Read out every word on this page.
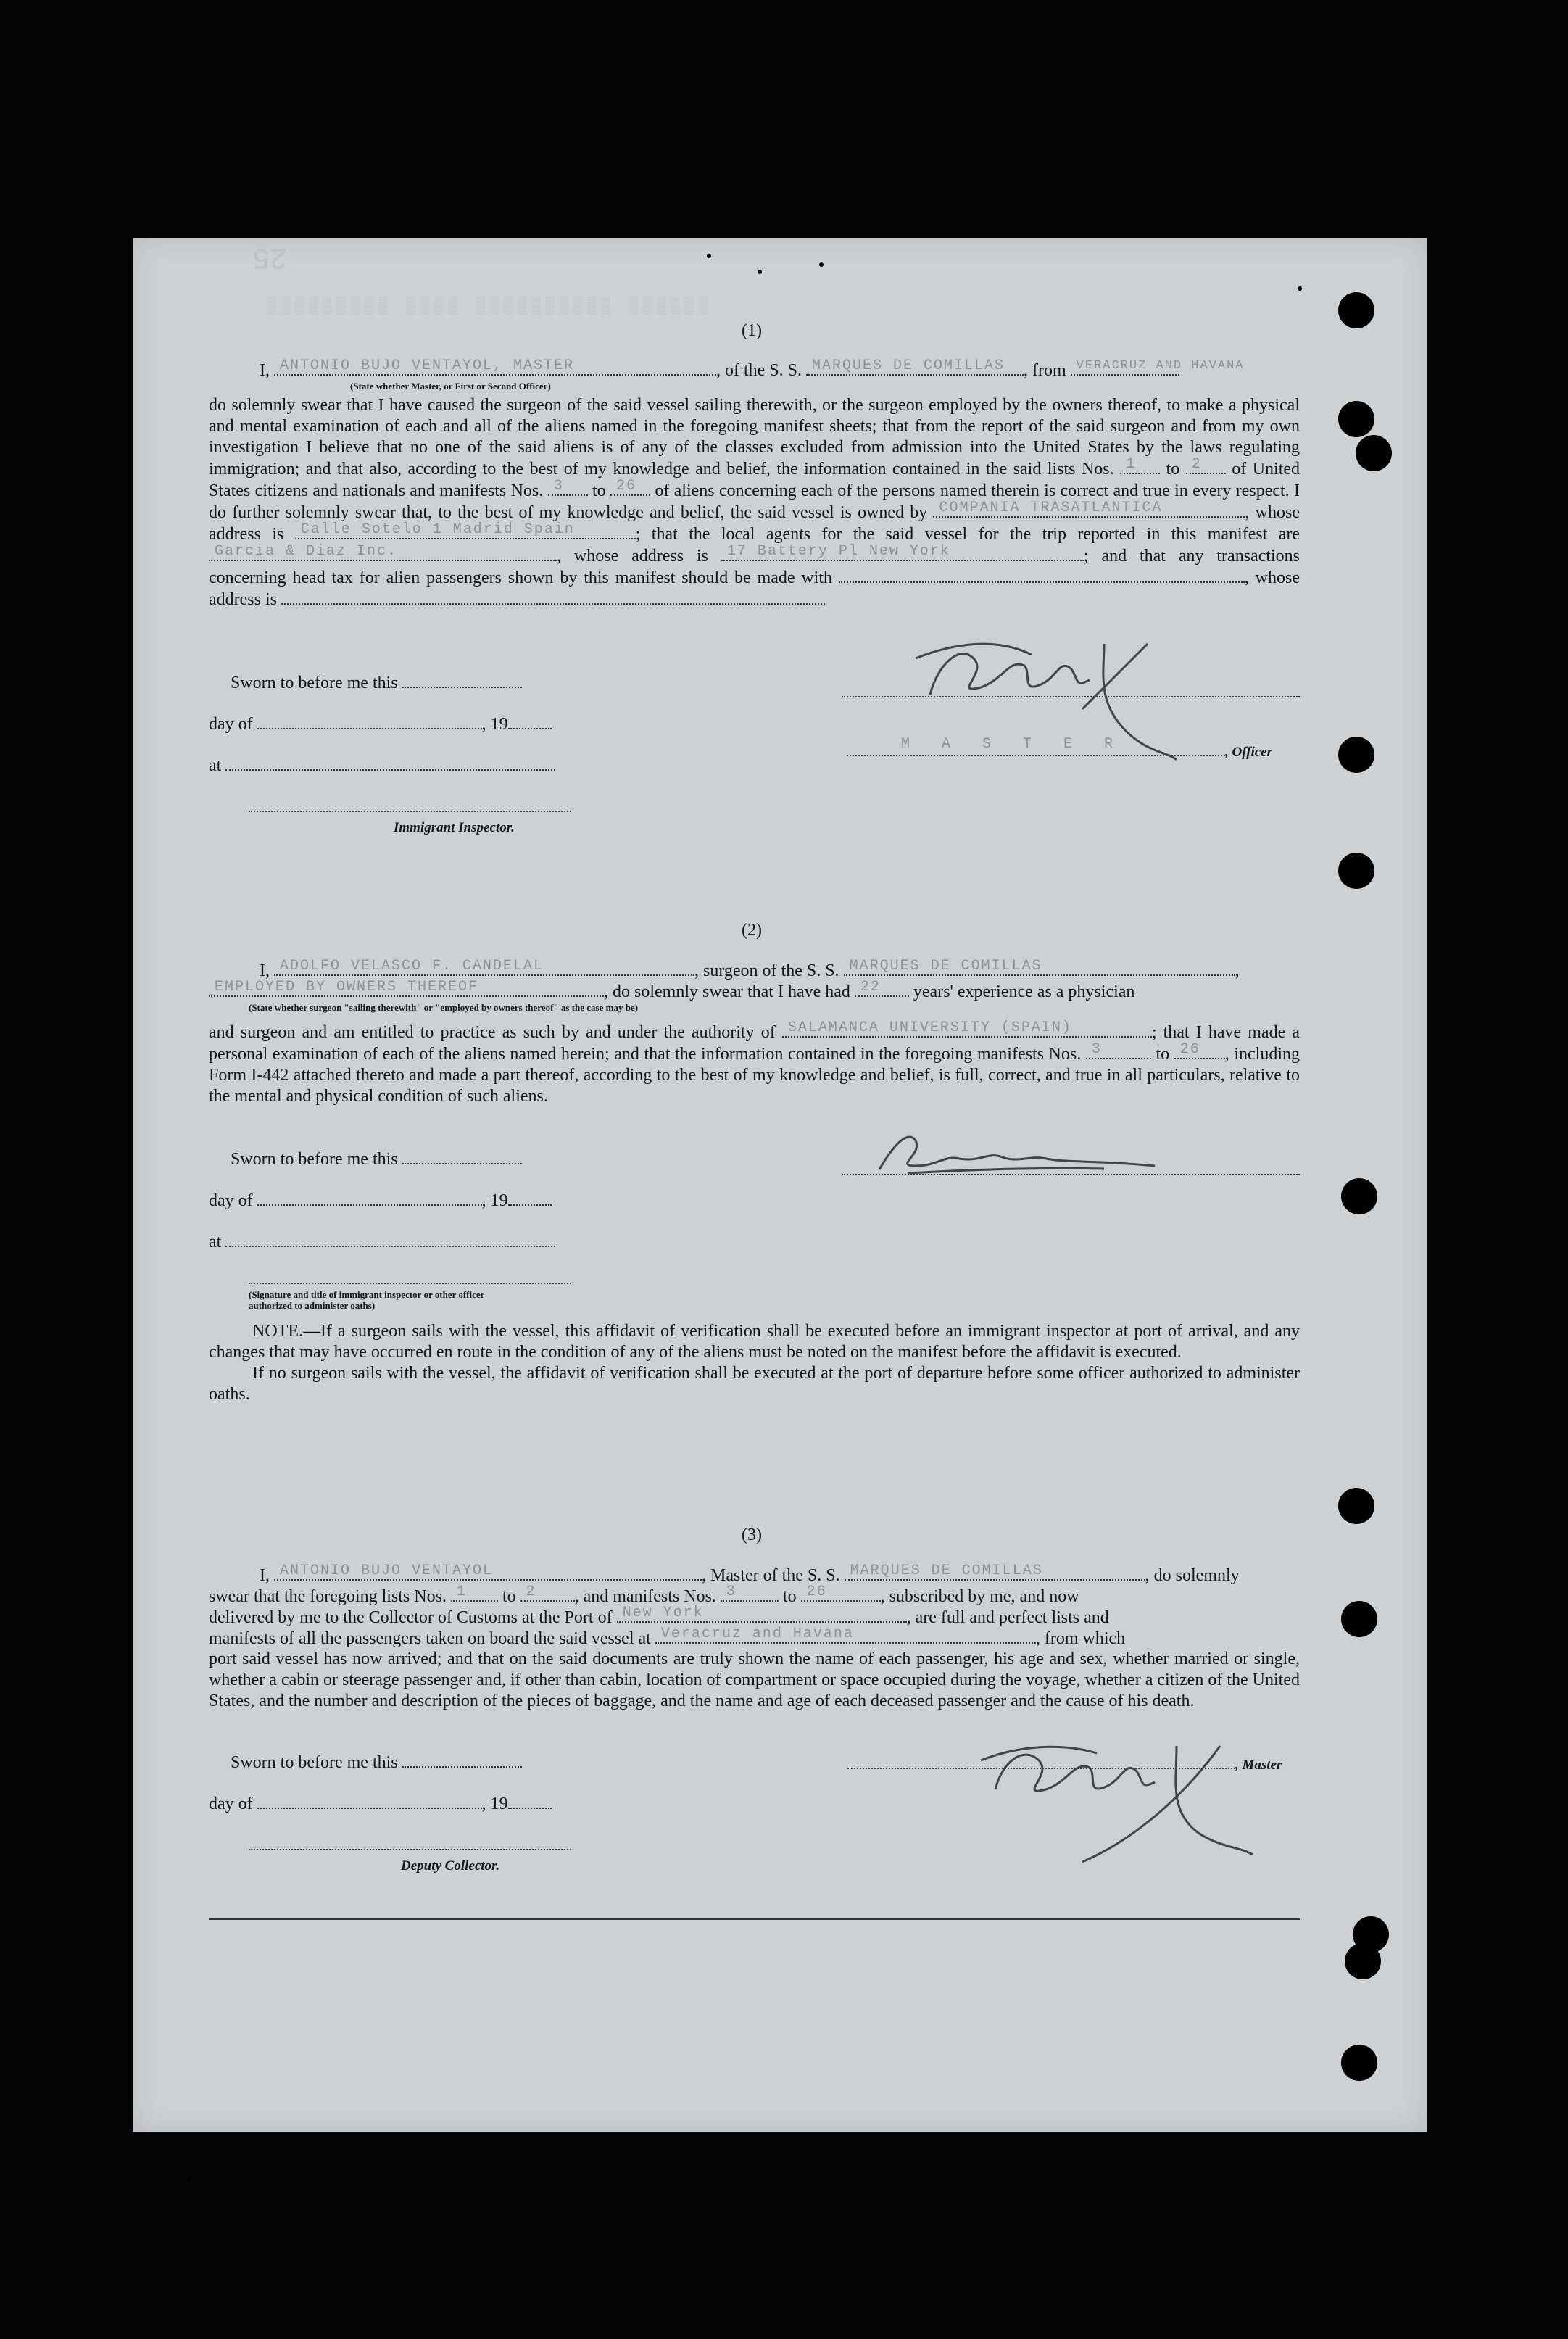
25
(1)
I, ANTONIO BUJO VENTAYOL, MASTER	, of the S. S. MARQUES DE COMILLAS , from VERACRUZ AND HAVANA
(State whether Master, or First or Second Officer)
do solemnly swear that I have caused the surgeon of the said vessel sailing therewith, or the surgeon employed by the owners thereof, to make a physical and mental examination of each and all of the aliens named in the foregoing manifest sheets; that from the report of the said surgeon and from my own investigation I believe that no one of the said aliens is of any of the classes excluded from admission into the United States by the laws regulating immigration; and that also, according to the best of my knowledge and belief, the information contained in the said lists Nos. 1 to 2 of United States citizens and nationals and manifests Nos. 3 to 26 of aliens concerning each of the persons named therein is correct and true in every respect. I do further solemnly swear that, to the best of my knowledge and belief, the said vessel is owned by COMPANIA TRASATLANTICA	, whose address is Calle Sotelo 1 Madrid Spain	; that the local agents for the said vessel for the trip reported in this manifest are
Garcia & Diaz Inc.	, whose address is 17 Battery Pl New York	; and that any transactions concerning head tax for alien passengers shown by this manifest should be made with	, whose address is
Sworn to before me this
day of	, 19
at
Immigrant Inspector.
M A S T E R	, Officer
(2)
I, ADOLFO VELASCO F. CANDELAL	, surgeon of the S. S. MARQUES DE COMILLAS	,
EMPLOYED BY OWNERS THEREOF	, do solemnly swear that I have had 22 years' experience as a physician
(State whether surgeon "sailing therewith" or "employed by owners thereof" as the case may be)
and surgeon and am entitled to practice as such by and under the authority of SALAMANCA UNIVERSITY (SPAIN)	; that I have made a personal examination of each of the aliens named herein; and that the information contained in the foregoing manifests Nos. 3	to 26 , including Form I-442 attached thereto and made a part thereof, according to the best of my knowledge and belief, is full, correct, and true in all particulars, relative to the mental and physical condition of such aliens.
Sworn to before me this
day of	, 19
at
(Signature and title of immigrant inspector or other officer authorized to administer oaths)
NOTE.—If a surgeon sails with the vessel, this affidavit of verification shall be executed before an immigrant inspector at port of arrival, and any changes that may have occurred en route in the condition of any of the aliens must be noted on the manifest before the affidavit is executed.
If no surgeon sails with the vessel, the affidavit of verification shall be executed at the port of departure before some officer authorized to administer oaths.
(3)
I, ANTONIO BUJO VENTAYOL	, Master of the S. S. MARQUES DE COMILLAS	, do solemnly
swear that the foregoing lists Nos. 1 to 2 , and manifests Nos. 3	to 26	, subscribed by me, and now
delivered by me to the Collector of Customs at the Port of New York	, are full and perfect lists and
manifests of all the passengers taken on board the said vessel at Veracruz and Havana	, from which
port said vessel has now arrived; and that on the said documents are truly shown the name of each passenger, his age and sex, whether married or single, whether a cabin or steerage passenger and, if other than cabin, location of compartment or space occupied during the voyage, whether a citizen of the United States, and the number and description of the pieces of baggage, and the name and age of each deceased passenger and the cause of his death.
Sworn to before me this
day of	, 19
Deputy Collector.
, Master
▒▒▒▒▒▒▒▒▒ ▒▒▒▒ ▒▒▒▒▒▒▒▒▒▒ ▒▒▒▒▒▒
